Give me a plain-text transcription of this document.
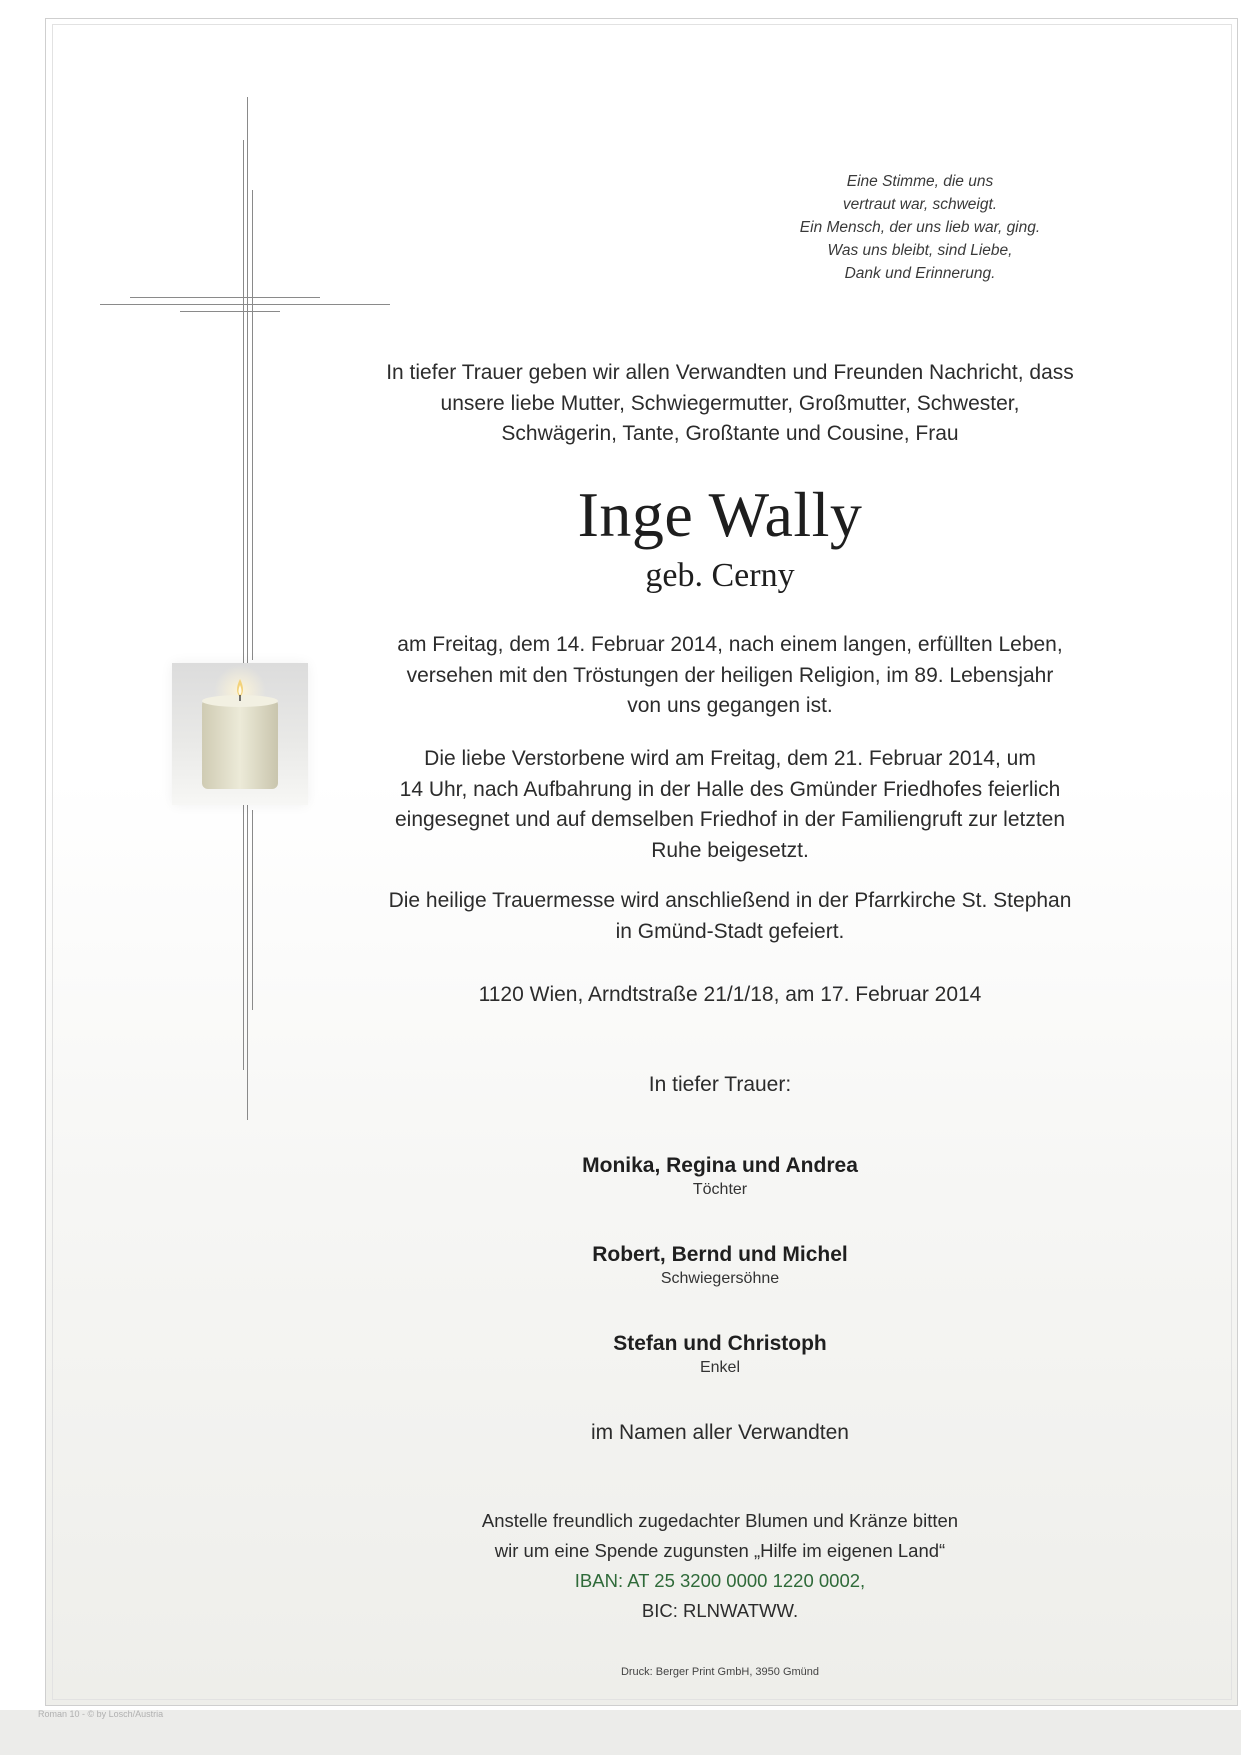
Eine Stimme, die uns
vertraut war, schweigt.
Ein Mensch, der uns lieb war, ging.
Was uns bleibt, sind Liebe,
Dank und Erinnerung.
In tiefer Trauer geben wir allen Verwandten und Freunden Nachricht, dass
unsere liebe Mutter, Schwiegermutter, Großmutter, Schwester,
Schwägerin, Tante, Großtante und Cousine, Frau
Inge Wally
geb. Cerny
am Freitag, dem 14. Februar 2014, nach einem langen, erfüllten Leben,
versehen mit den Tröstungen der heiligen Religion, im 89. Lebensjahr
von uns gegangen ist.
Die liebe Verstorbene wird am Freitag, dem 21. Februar 2014, um
14 Uhr, nach Aufbahrung in der Halle des Gmünder Friedhofes feierlich
eingesegnet und auf demselben Friedhof in der Familiengruft zur letzten
Ruhe beigesetzt.
Die heilige Trauermesse wird anschließend in der Pfarrkirche St. Stephan
in Gmünd-Stadt gefeiert.
1120 Wien, Arndtstraße 21/1/18, am 17. Februar 2014
In tiefer Trauer:
Monika, Regina und Andrea
Töchter
Robert, Bernd und Michel
Schwiegersöhne
Stefan und Christoph
Enkel
im Namen aller Verwandten
Anstelle freundlich zugedachter Blumen und Kränze bitten
wir um eine Spende zugunsten „Hilfe im eigenen Land“
IBAN: AT 25 3200 0000 1220 0002,
BIC: RLNWATWW.
Druck: Berger Print GmbH, 3950 Gmünd
Roman 10 - © by Losch/Austria
